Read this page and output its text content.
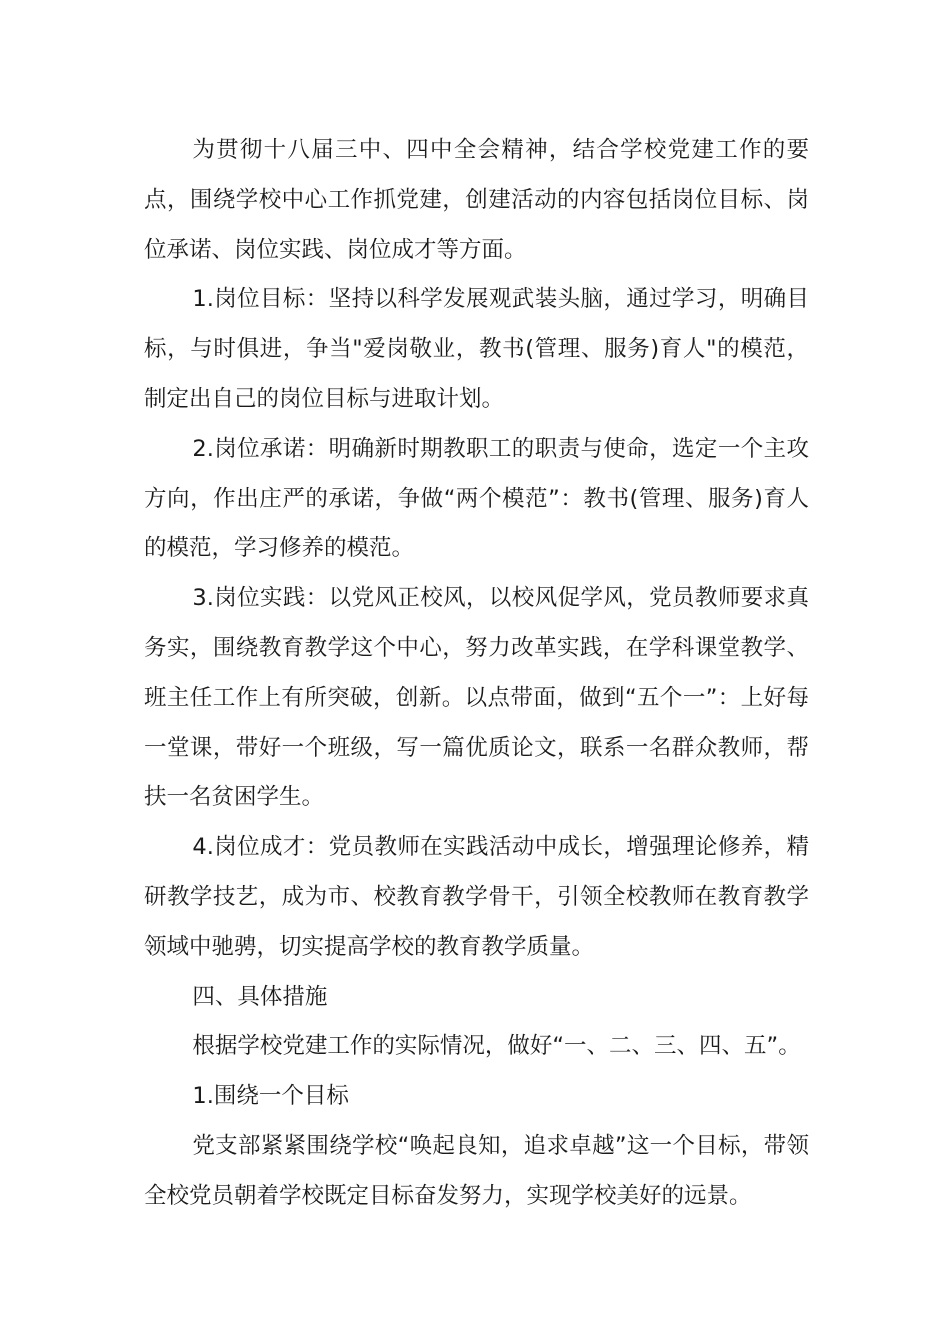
为贯彻十八届三中、四中全会精神，结合学校党建工作的要点，围绕学校中心工作抓党建，创建活动的内容包括岗位目标、岗位承诺、岗位实践、岗位成才等方面。

1.岗位目标：坚持以科学发展观武装头脑，通过学习，明确目标，与时俱进，争当"爱岗敬业，教书(管理、服务)育人"的模范，制定出自己的岗位目标与进取计划。

2.岗位承诺：明确新时期教职工的职责与使命，选定一个主攻方向，作出庄严的承诺，争做“两个模范”：教书(管理、服务)育人的模范，学习修养的模范。

3.岗位实践：以党风正校风，以校风促学风，党员教师要求真务实，围绕教育教学这个中心，努力改革实践，在学科课堂教学、班主任工作上有所突破，创新。以点带面，做到“五个一”：上好每一堂课，带好一个班级，写一篇优质论文，联系一名群众教师，帮扶一名贫困学生。

4.岗位成才：党员教师在实践活动中成长，增强理论修养，精研教学技艺，成为市、校教育教学骨干，引领全校教师在教育教学领域中驰骋，切实提高学校的教育教学质量。

四、具体措施

根据学校党建工作的实际情况，做好“一、二、三、四、五”。

1.围绕一个目标

党支部紧紧围绕学校“唤起良知，追求卓越”这一个目标，带领全校党员朝着学校既定目标奋发努力，实现学校美好的远景。
